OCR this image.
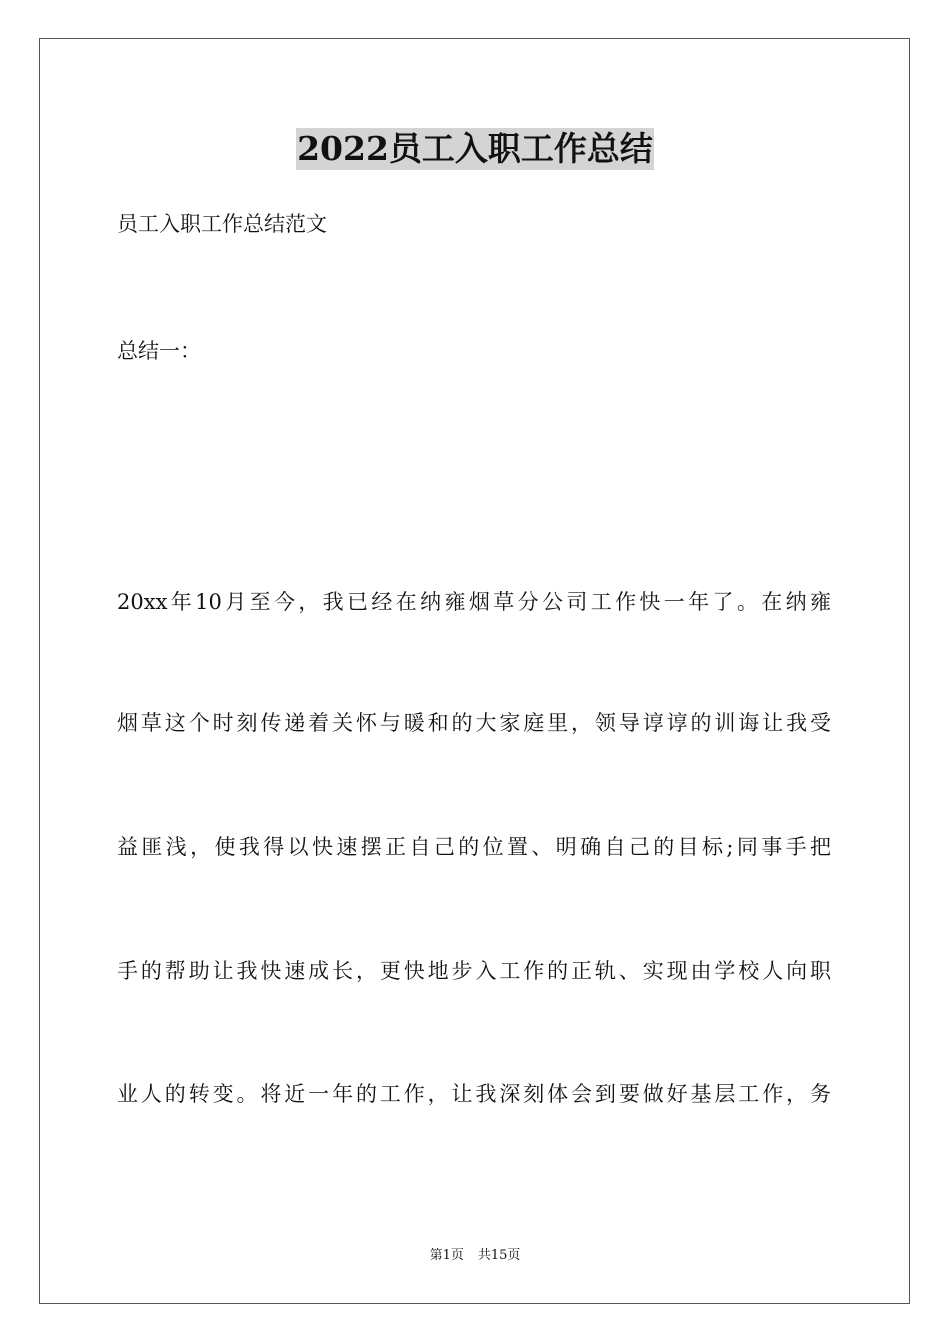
2022员工入职工作总结
员工入职工作总结范文
总结一：
20xx年10月至今，我已经在纳雍烟草分公司工作快一年了。在纳雍
烟草这个时刻传递着关怀与暖和的大家庭里，领导谆谆的训诲让我受
益匪浅，使我得以快速摆正自己的位置、明确自己的目标;同事手把
手的帮助让我快速成长，更快地步入工作的正轨、实现由学校人向职
业人的转变。将近一年的工作，让我深刻体会到要做好基层工作，务
第1页 共15页
